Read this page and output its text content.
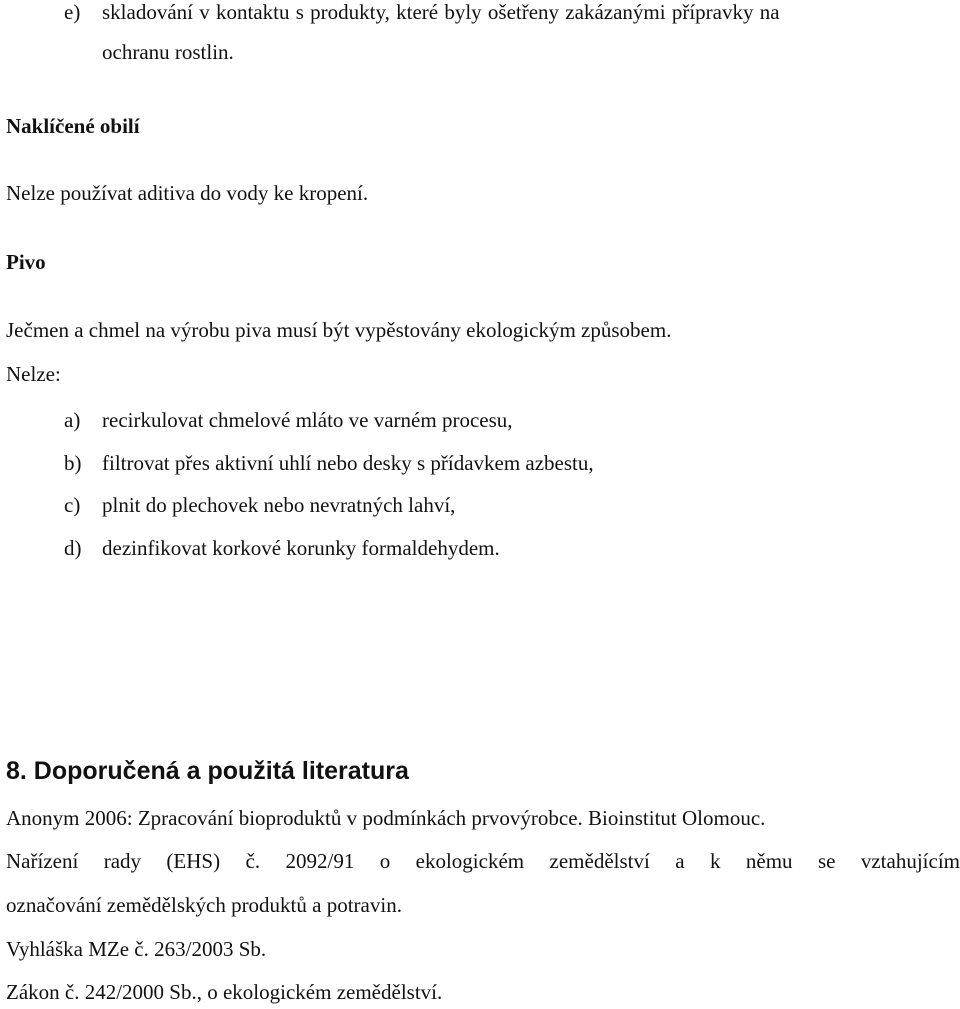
e) skladování v kontaktu s produkty, které byly ošetřeny zakázanými přípravky na
ochranu rostlin.
Naklíčené obilí
Nelze používat aditiva do vody ke kropení.
Pivo
Ječmen a chmel na výrobu piva musí být vypěstovány ekologickým způsobem.
Nelze:
a) recirkulovat chmelové mláto ve varném procesu,
b) filtrovat přes aktivní uhlí nebo desky s přídavkem azbestu,
c) plnit do plechovek nebo nevratných lahví,
d) dezinfikovat korkové korunky formaldehydem.
8. Doporučená a použitá literatura
Anonym 2006: Zpracování bioproduktů v podmínkách prvovýrobce. Bioinstitut Olomouc.
Nařízení rady (EHS) č. 2092/91 o ekologickém zemědělství a k němu se vztahujícím
označování zemědělských produktů a potravin.
Vyhláška MZe č. 263/2003 Sb.
Zákon č. 242/2000 Sb., o ekologickém zemědělství.
